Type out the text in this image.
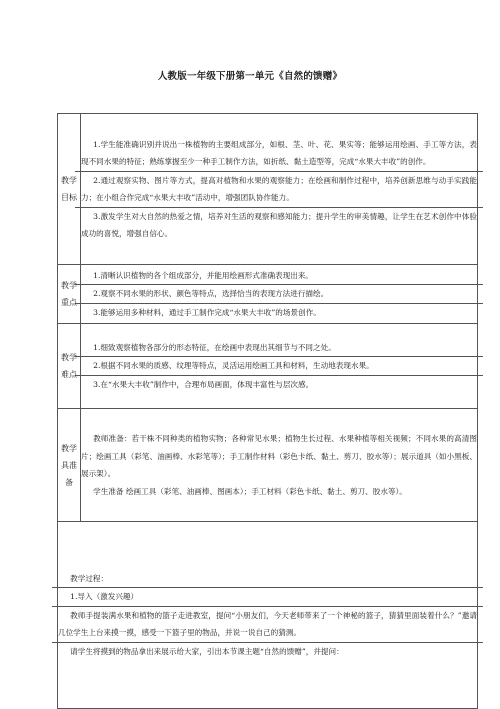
人教版一年级下册第一单元《自然的馈赠》
教学目标	1.学生能准确识别并说出一株植物的主要组成部分，如根、茎、叶、花、果实等；能够运用绘画、手工等方法，表现不同水果的特征；熟练掌握至少一种手工制作方法，如折纸、黏土造型等，完成“水果大丰收”的创作。

2.通过观察实物、图片等方式，提高对植物和水果的观察能力；在绘画和制作过程中，培养创新思维与动手实践能力；在小组合作完成“水果大丰收”活动中，增强团队协作能力。

3.激发学生对大自然的热爱之情，培养对生活的观察和感知能力；提升学生的审美情趣，让学生在艺术创作中体验成功的喜悦，增强自信心。

教学重点	1.清晰认识植物的各个组成部分，并能用绘画形式准确表现出来。

2.观察不同水果的形状、颜色等特点，选择恰当的表现方法进行描绘。

3.能够运用多种材料，通过手工制作完成“水果大丰收”的场景创作。

教学难点	1.细致观察植物各部分的形态特征，在绘画中表现出其细节与不同之处。

2.根据不同水果的质感、纹理等特点，灵活运用绘画工具和材料，生动地表现水果。

3.在“水果大丰收”制作中，合理布局画面，体现丰富性与层次感。

教学具准备	教师准备：若干株不同种类的植物实物；各种常见水果；植物生长过程、水果种植等相关视频；不同水果的高清图片；绘画工具（彩笔、油画棒、水彩笔等）；手工制作材料（彩色卡纸、黏土、剪刀、胶水等）；展示道具（如小黑板、展示架）。

学生准备 绘画工具（彩笔、油画棒、图画本）；手工材料（彩色卡纸、黏土、剪刀、胶水等）。

教学过程：

1.导入（激发兴趣）

教师手提装满水果和植物的篮子走进教室，提问“小朋友们，今天老师带来了一个神秘的篮子，猜猜里面装着什么？”邀请几位学生上台来摸一摸，感受一下篮子里的物品，并说一说自己的猜测。

请学生将摸到的物品拿出来展示给大家，引出本节课主题“自然的馈赠”，并提问：	
